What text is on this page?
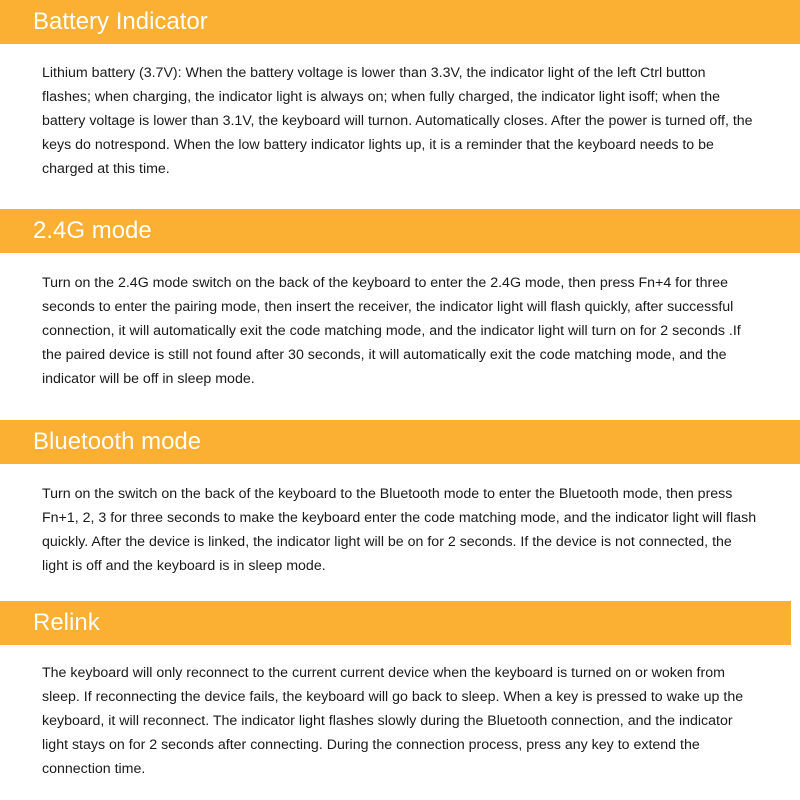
Battery Indicator

Lithium battery (3.7V): When the battery voltage is lower than 3.3V, the indicator light of the left Ctrl button flashes; when charging, the indicator light is always on; when fully charged, the indicator light isoff; when the battery voltage is lower than 3.1V, the keyboard will turnon. Automatically closes. After the power is turned off, the keys do notrespond. When the low battery indicator lights up, it is a reminder that the keyboard needs to be charged at this time.

2.4G mode

Turn on the 2.4G mode switch on the back of the keyboard to enter the 2.4G mode, then press Fn+4 for three seconds to enter the pairing mode, then insert the receiver, the indicator light will flash quickly, after successful connection, it will automatically exit the code matching mode, and the indicator light will turn on for 2 seconds .If the paired device is still not found after 30 seconds, it will automatically exit the code matching mode, and the indicator will be off in sleep mode.

Bluetooth mode

Turn on the switch on the back of the keyboard to the Bluetooth mode to enter the Bluetooth mode, then press Fn+1, 2, 3 for three seconds to make the keyboard enter the code matching mode, and the indicator light will flash quickly. After the device is linked, the indicator light will be on for 2 seconds. If the device is not connected, the light is off and the keyboard is in sleep mode.

Relink

The keyboard will only reconnect to the current current device when the keyboard is turned on or woken from sleep. If reconnecting the device fails, the keyboard will go back to sleep. When a key is pressed to wake up the keyboard, it will reconnect. The indicator light flashes slowly during the Bluetooth connection, and the indicator light stays on for 2 seconds after connecting. During the connection process, press any key to extend the connection time.
